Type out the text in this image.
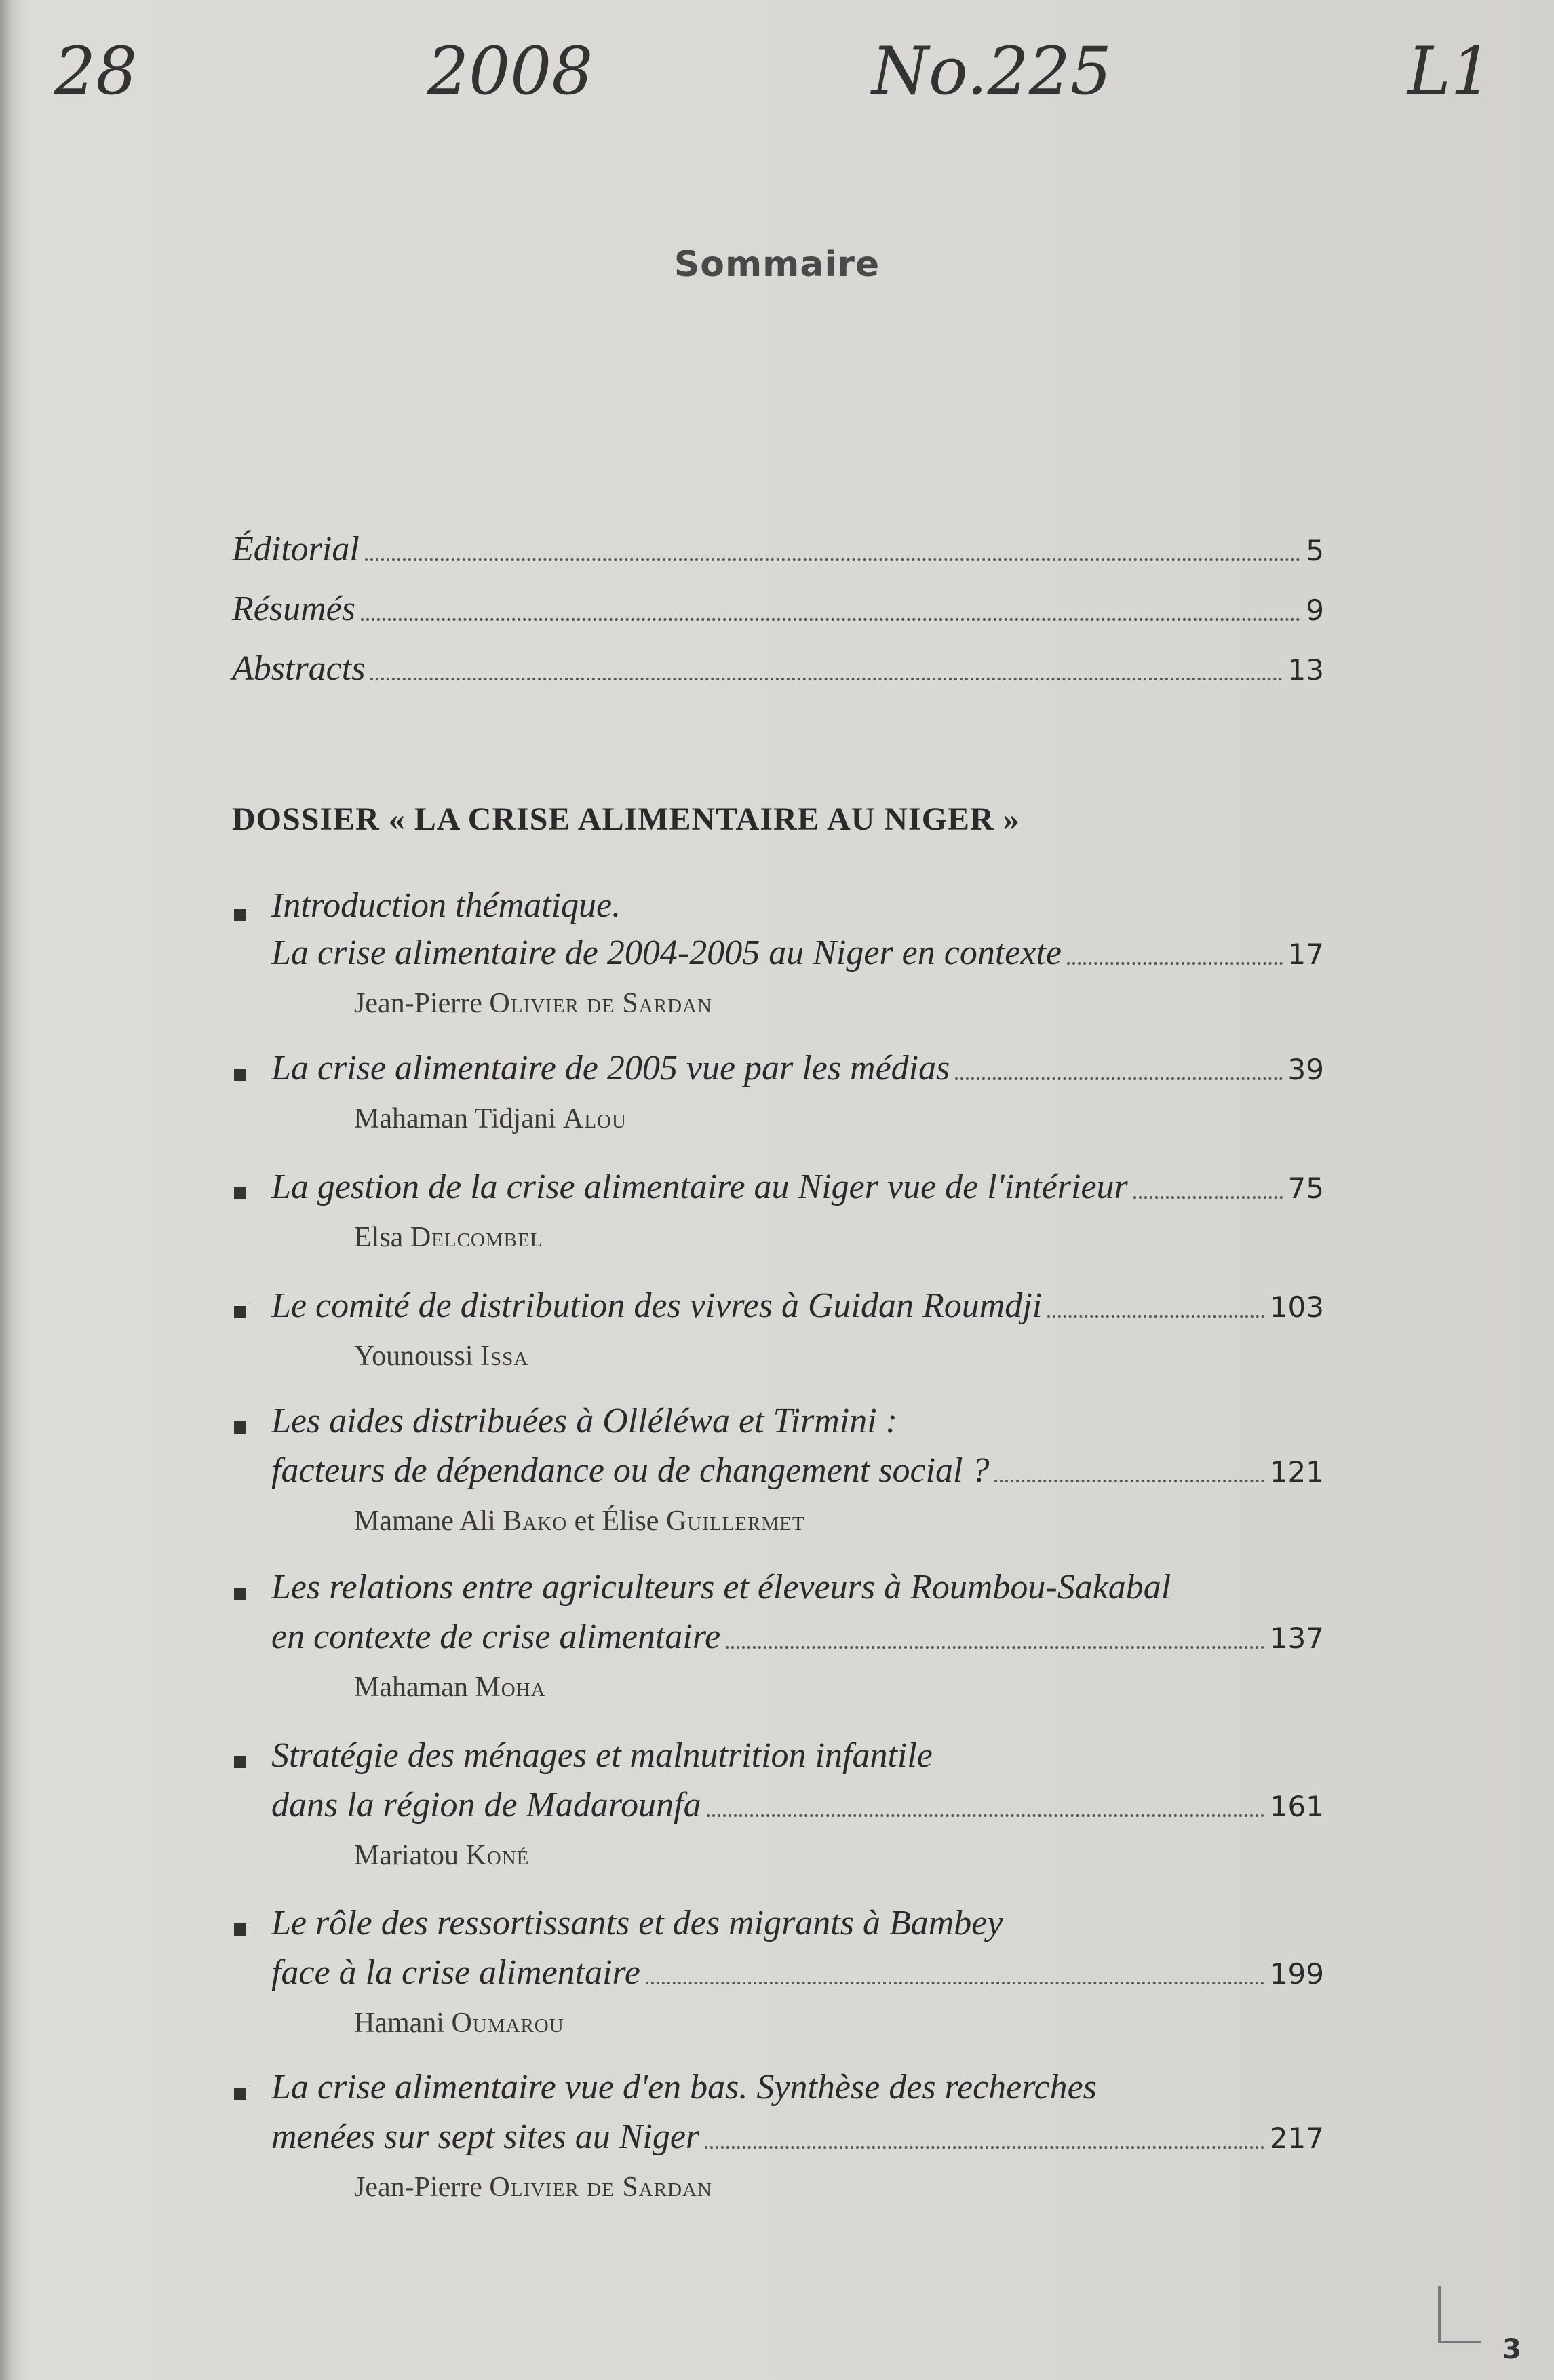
28	2008	No.225	L1
Sommaire
Éditorial	5
Résumés	9
Abstracts	13
DOSSIER « LA CRISE ALIMENTAIRE AU NIGER »
Introduction thématique.
La crise alimentaire de 2004-2005 au Niger en contexte	17
Jean-Pierre Olivier de Sardan
La crise alimentaire de 2005 vue par les médias	39
Mahaman Tidjani Alou
La gestion de la crise alimentaire au Niger vue de l'intérieur	75
Elsa Delcombel
Le comité de distribution des vivres à Guidan Roumdji	103
Younoussi Issa
Les aides distribuées à Olléléwa et Tirmini :
facteurs de dépendance ou de changement social ?	121
Mamane Ali Bako et Élise Guillermet
Les relations entre agriculteurs et éleveurs à Roumbou-Sakabal
en contexte de crise alimentaire	137
Mahaman Moha
Stratégie des ménages et malnutrition infantile
dans la région de Madarounfa	161
Mariatou Koné
Le rôle des ressortissants et des migrants à Bambey
face à la crise alimentaire	199
Hamani Oumarou
La crise alimentaire vue d'en bas. Synthèse des recherches
menées sur sept sites au Niger	217
Jean-Pierre Olivier de Sardan
3
